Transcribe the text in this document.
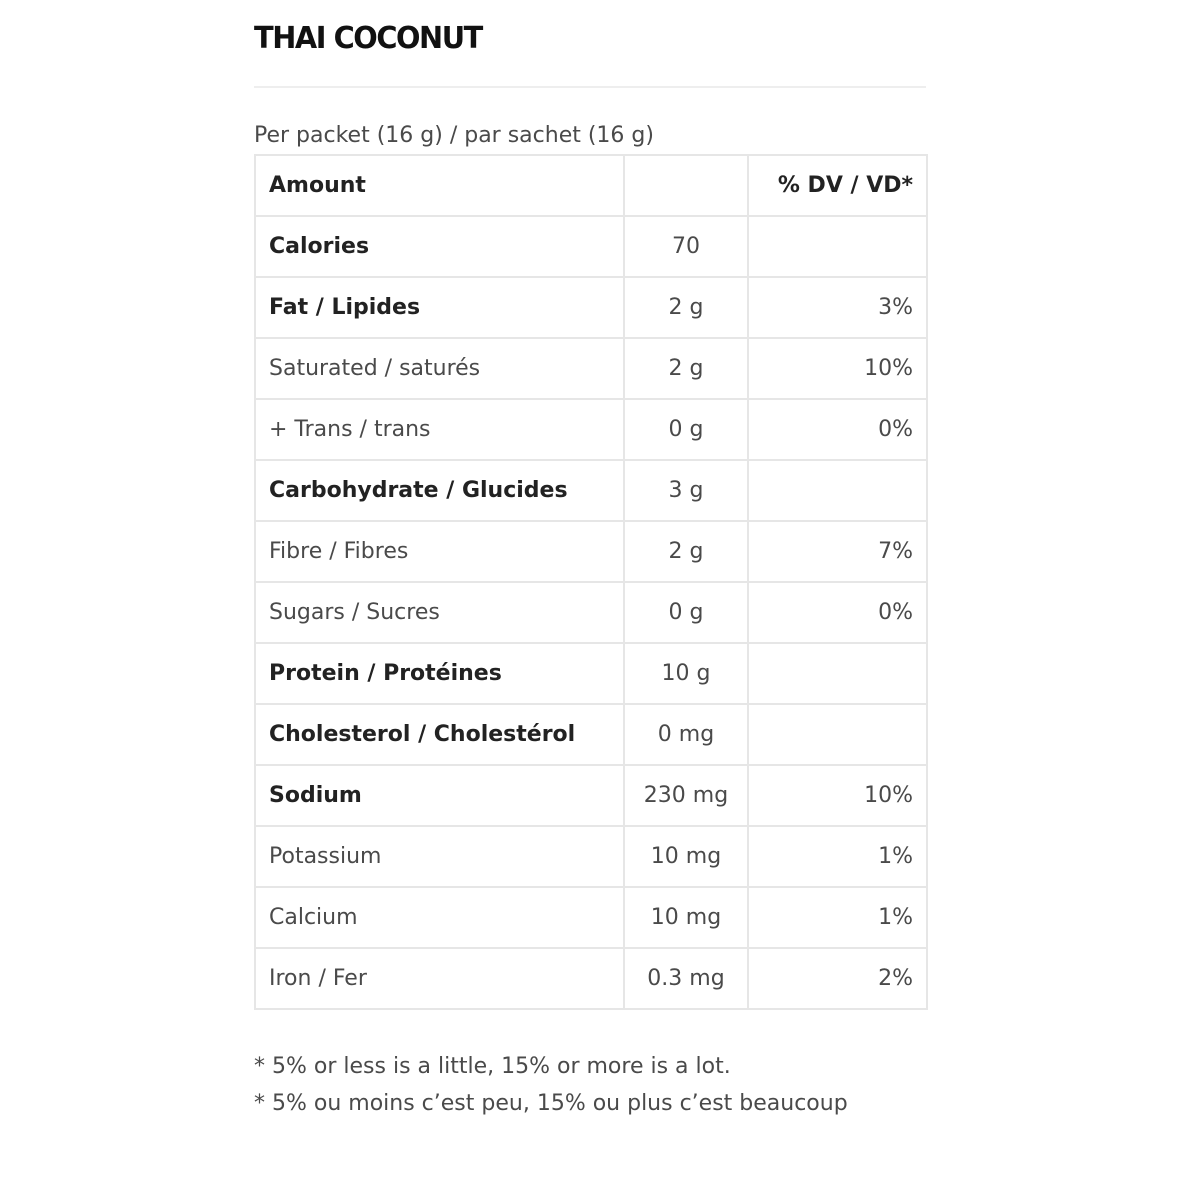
THAI COCONUT
Per packet (16 g) / par sachet (16 g)
Amount		% DV / VD*
Calories	70	
Fat / Lipides	2 g	3%
Saturated / saturés	2 g	10%
+ Trans / trans	0 g	0%
Carbohydrate / Glucides	3 g	
Fibre / Fibres	2 g	7%
Sugars / Sucres	0 g	0%
Protein / Protéines	10 g	
Cholesterol / Cholestérol	0 mg	
Sodium	230 mg	10%
Potassium	10 mg	1%
Calcium	10 mg	1%
Iron / Fer	0.3 mg	2%
* 5% or less is a little, 15% or more is a lot.
* 5% ou moins c’est peu, 15% ou plus c’est beaucoup
